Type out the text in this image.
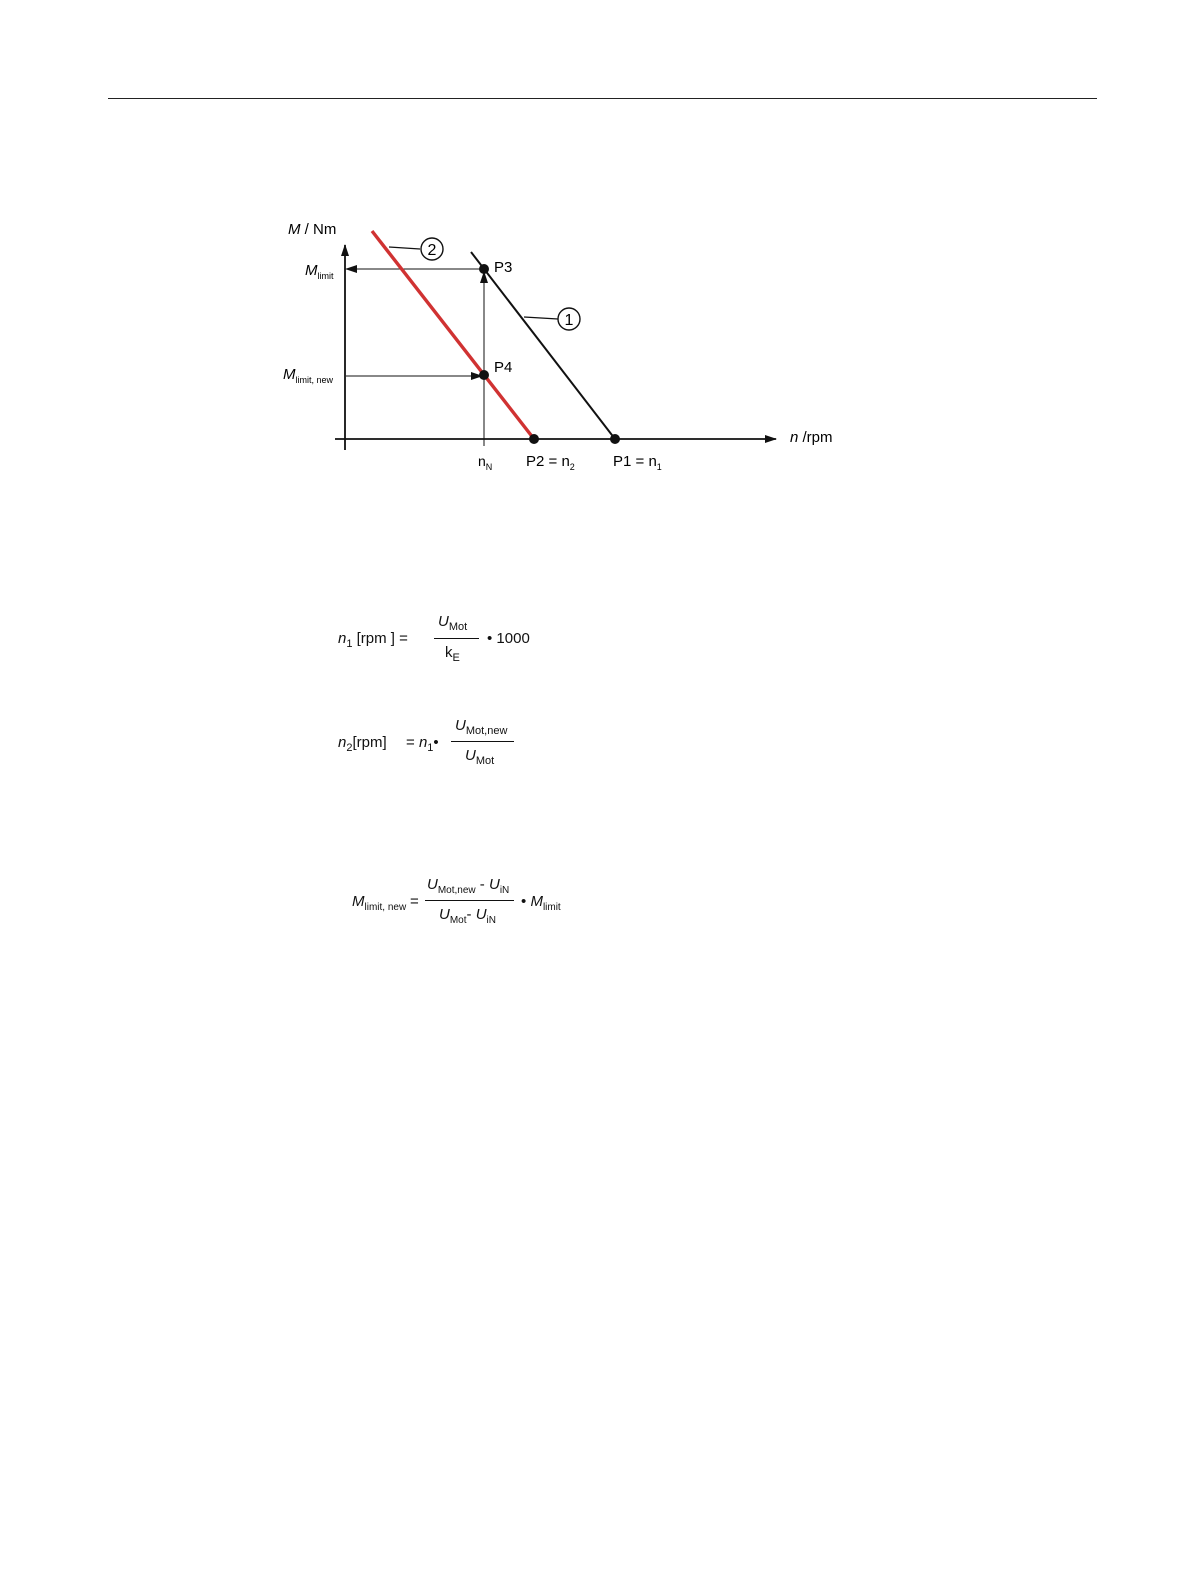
2
1
M / Nm
n /rpm
$M_{limit}$
$M_{limit, new}$
P3
P4
$n_N$ $P2 = n_2$	$P1 = n_1$
$n_1$ [rpm ] =
$U_{Mot}$
$k_E$
• 1000
$n_2[rpm]$ = $n_1•$
$U_{Mot,new}$
$U_{Mot}$
$M_{limit, new}$ =
$U_{Mot,new} - U_{iN}$
$U_{Mot}-$ $U_{iN}$
• $M_{limit}$
